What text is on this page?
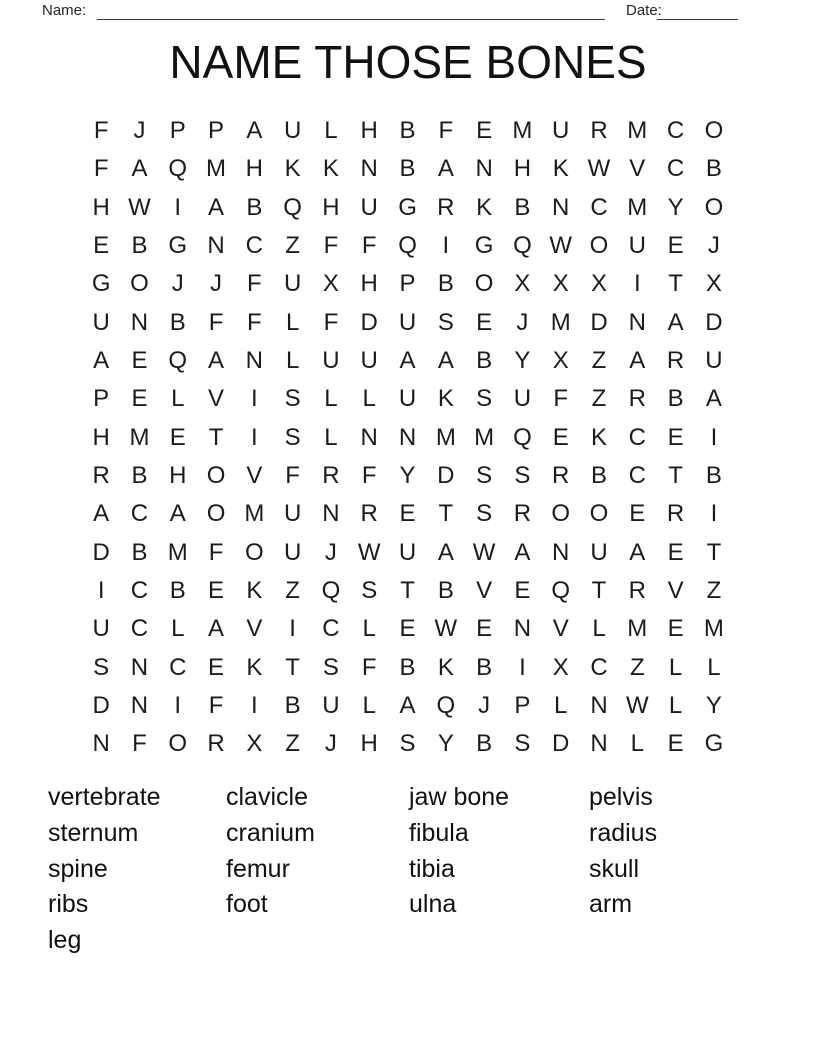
Name:	Date:
NAME THOSE BONES
F	J	P P A U L H B F E M U R M C O
F A Q M H K K N B A N H K W V C B
H W I	A B Q H U G R K B N C M Y O
E B G N C Z F F Q	I	G Q W O U E	J
G O J	J	F U X H P B O X X X	I	T X
U N B F F	L	F D U S E	J M D N A D
A E Q A N L U U A A B Y X Z A R U
P E L V	I	S L	L U K S U F Z R B A
H M E T	I	S L N N M M Q E K C E	I
R B H O V F R F Y D S S R B C T B
A C A O M U N R E T S R O O E R	I
D B M F O U J W U A W A N U A E T
I	C B E K Z Q S T B V E Q T R V Z
U C L A V	I	C L E W E N V L M E M
S N C E K T S F B K B	I	X C Z	L	L
D N	I	F	I	B U L A Q J	P L N W L Y
N F O R X Z	J H S Y B S D N L E G
vertebrate
sternum
spine
ribs
leg
clavicle
cranium
femur
foot
jaw bone
fibula
tibia
ulna
pelvis
radius
skull
arm
